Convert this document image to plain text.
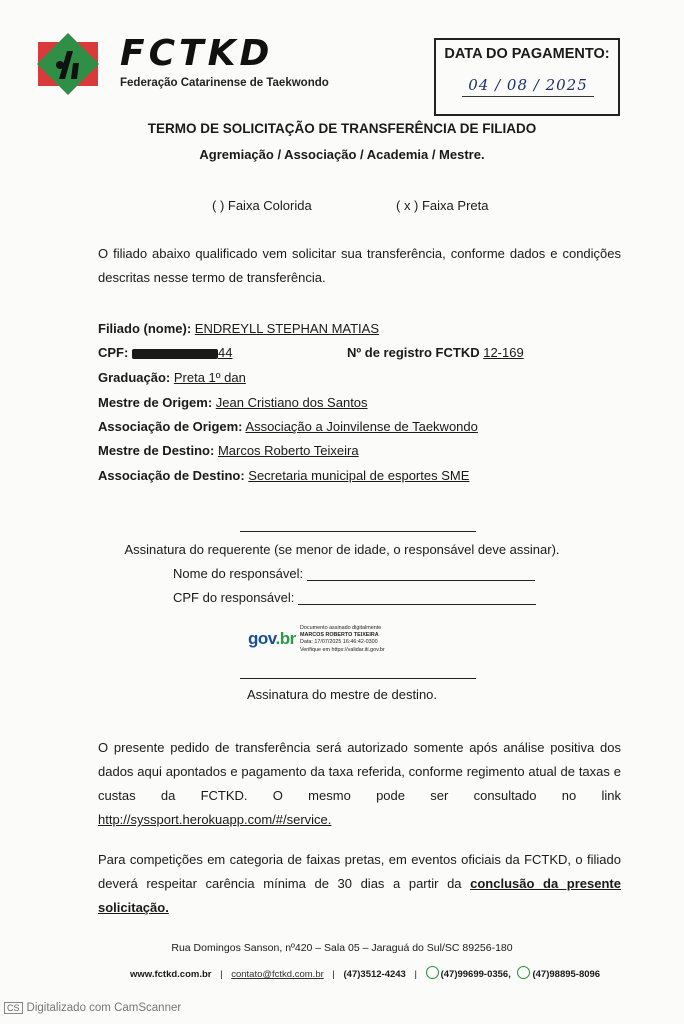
FCTKD
Federação Catarinense de Taekwondo
DATA DO PAGAMENTO:
04 / 08 / 2025
TERMO DE SOLICITAÇÃO DE TRANSFERÊNCIA DE FILIADO
Agremiação / Associação / Academia / Mestre.
( ) Faixa Colorida	( x ) Faixa Preta

O filiado abaixo qualificado vem solicitar sua transferência, conforme dados e condições descritas nesse termo de transferência.

Filiado (nome): ENDREYLL STEPHAN MATIAS
CPF:	44	Nº de registro FCTKD 12-169
Graduação: Preta 1º dan
Mestre de Origem: Jean Cristiano dos Santos
Associação de Origem: Associação a Joinvilense de Taekwondo
Mestre de Destino: Marcos Roberto Teixeira
Associação de Destino: Secretaria municipal de esportes SME
Assinatura do requerente (se menor de idade, o responsável deve assinar).
Nome do responsável:
CPF do responsável:
gov.br
Documento assinado digitalmente
MARCOS ROBERTO TEIXEIRA
Data: 17/07/2025 16:46:42-0300
Verifique em https://validar.iti.gov.br
Assinatura do mestre de destino.

O presente pedido de transferência será autorizado somente após análise positiva dos dados aqui apontados e pagamento da taxa referida, conforme regimento atual de taxas e custas da FCTKD. O mesmo pode ser consultado no link http://syssport.herokuapp.com/#/service.

Para competições em categoria de faixas pretas, em eventos oficiais da FCTKD, o filiado deverá respeitar carência mínima de 30 dias a partir da conclusão da presente solicitação.

Rua Domingos Sanson, nº420 – Sala 05 – Jaraguá do Sul/SC 89256-180
www.fctkd.com.br | contato@fctkd.com.br | (47)3512-4243 | (47)99699-0356, (47)98895-8096
CS Digitalizado com CamScanner
